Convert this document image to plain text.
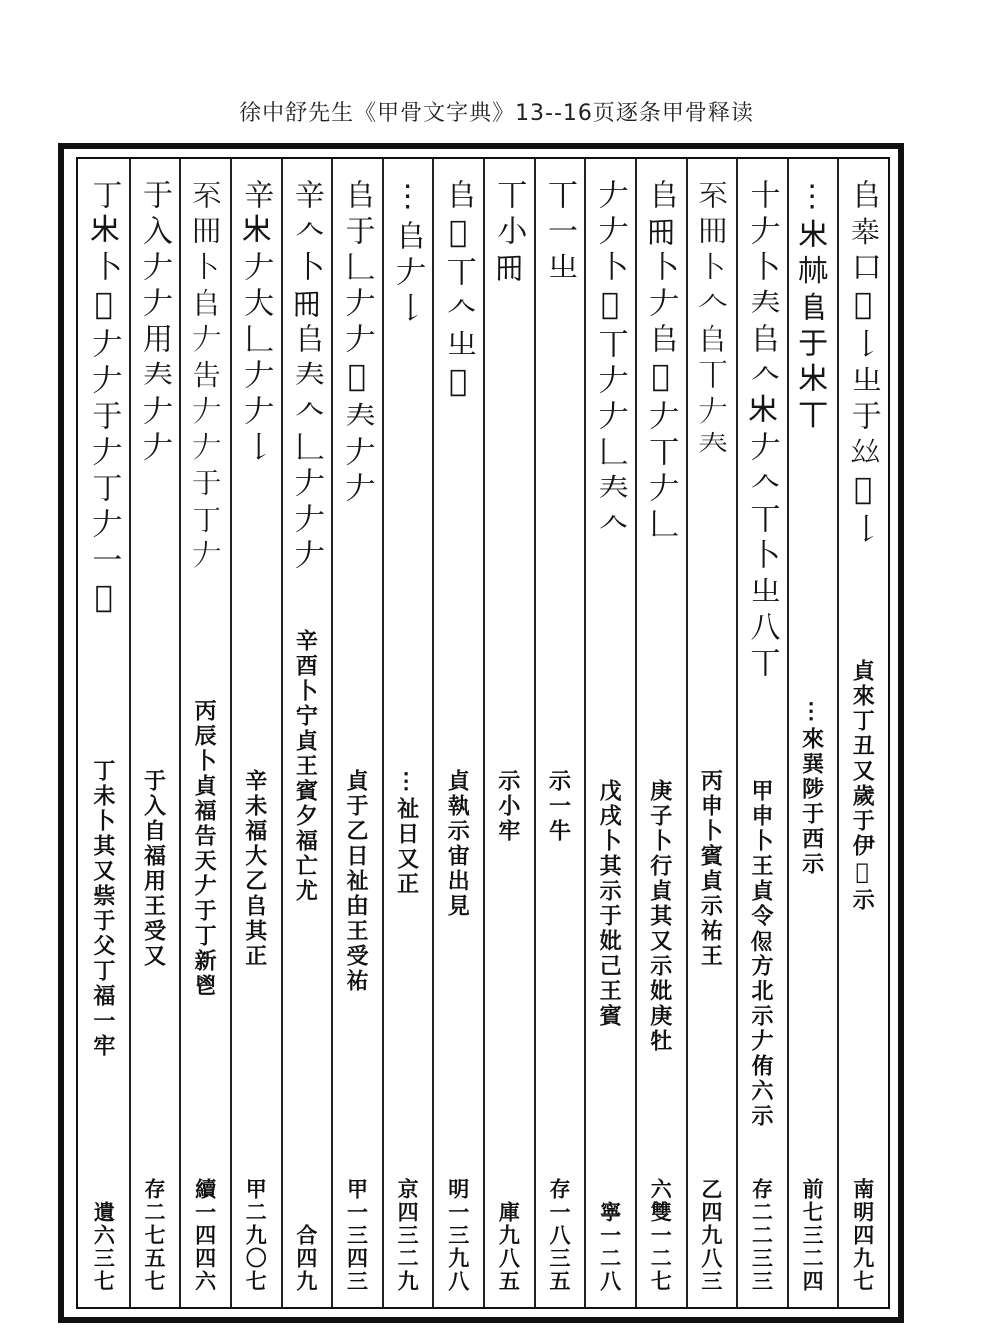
徐中舒先生《甲骨文字典》13--16页逐条甲骨释读
𠂤𠦪口𠃢𠄌㞢于𢆶𩇦𠄌
貞來丁丑又歲于伊𩇦示
南明四九七
⋮𣎵𣏟𨸏于𣎵丅
⋮來𢁉陟于西示
前七三二四
十𠂇卜𡗗𠂤𠆢𣎵𠂇𠆢丅卜㞢八丅
甲申卜王貞令𠈉方北示𠂇侑六示
存二二三三
𠀚𠕁卜𠆢𠂤丅𠂇𡗗
丙申卜賓貞示祐王
乙四九八三
𠂤𠕁卜𠂇𠂤𠃢𠂇丅𠂇𠃊
庚子卜行貞其又示妣庚牡
六雙一二七
𠂇𠂇卜𠃢丅𠂇𠂇𠃊𡗗𠆢
戊戌卜其示于妣己王賓
寧一二八
丅一㞢
示一牛
存一八三五
丅小𠕁
示小牢
庫九八五
𠂤𠃢丅𠆢㞢𠃢
貞執示宙出見
明一三九八
⋮𠂤𠂇𠄌
⋮祉日又正
京四三二九
𠂤于𠃊𠂇𠂇𠃢𡗗𠂇𠂇
貞于乙日祉甶王受祐
甲一三四三
辛𠆢卜𠕁𠂤𡗗𠆢𠃊𠂇𠂇𠂇
辛酉卜宁貞王賓夕福亡尤
合四九
辛𣎵𠂇大𠃊𠂇𠂇𠄌
辛未福大乙𠂤其正
甲二九〇七
𠀚𠕁卜𠂤𠂇告𠂇𠂇于丁𠂇
丙辰卜貞福告天𠂇于丁新鬯
續一四四六
于入𠂇𠂇用𡗗𠂇𠂇
于入自福用王受又
存二七五七
丁𣎵卜𠃢𠂇𠂇于𠂇丁𠂇一𠕁
丁未卜其又祡于父丁福一牢
遺六三七
